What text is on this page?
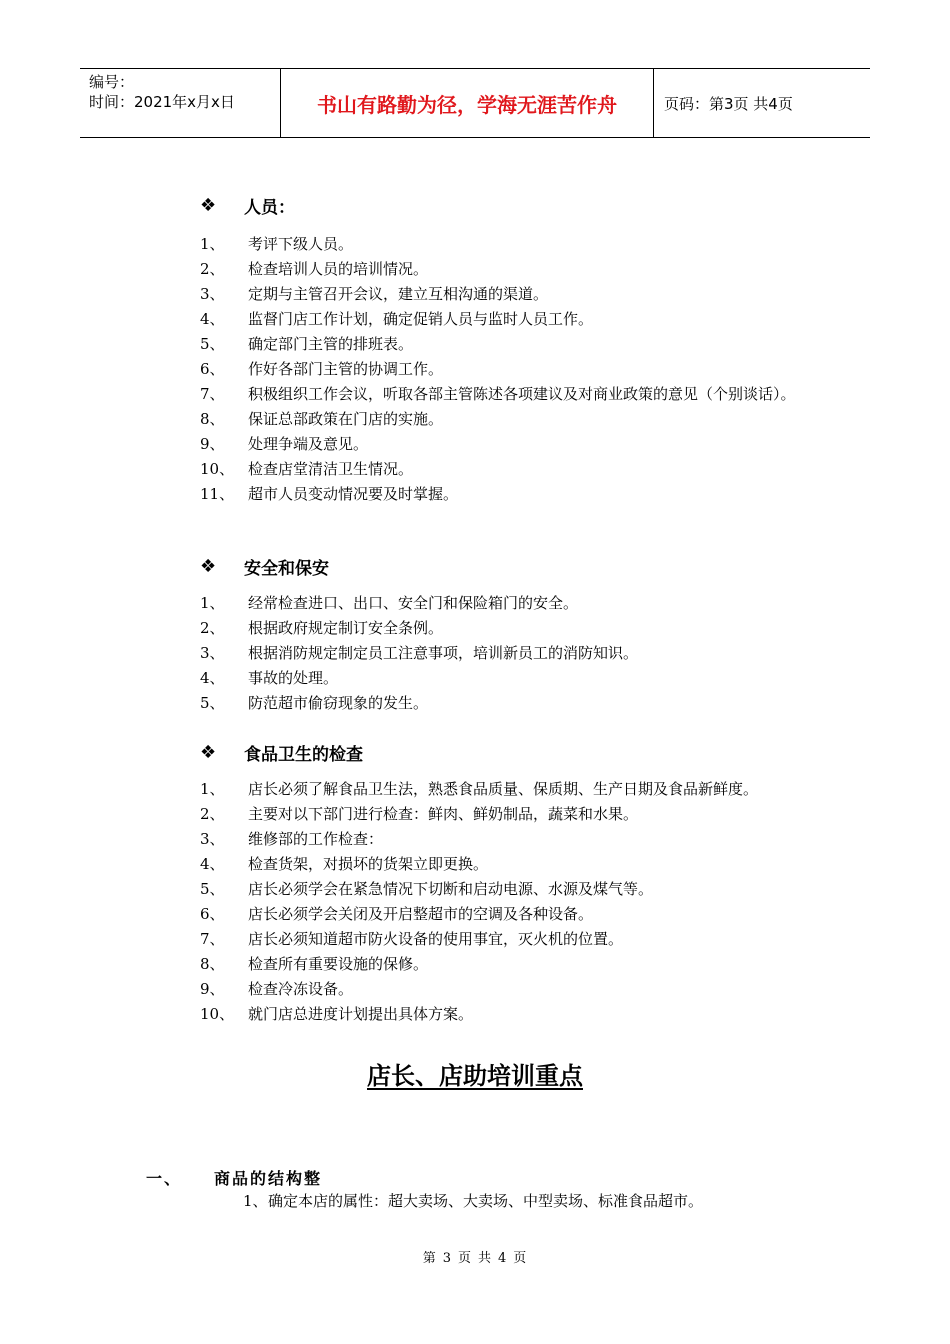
编号：
时间：2021年x月x日	书山有路勤为径，学海无涯苦作舟	页码：第3页 共4页
❖	人员：
1、	考评下级人员。
2、	检查培训人员的培训情况。
3、	定期与主管召开会议，建立互相沟通的渠道。
4、	监督门店工作计划，确定促销人员与监时人员工作。
5、	确定部门主管的排班表。
6、	作好各部门主管的协调工作。
7、	积极组织工作会议，听取各部主管陈述各项建议及对商业政策的意见（个别谈话）。
8、	保证总部政策在门店的实施。
9、	处理争端及意见。
10、 检查店堂清洁卫生情况。
11、 超市人员变动情况要及时掌握。
❖	安全和保安
1、	经常检查进口、出口、安全门和保险箱门的安全。
2、	根据政府规定制订安全条例。
3、	根据消防规定制定员工注意事项，培训新员工的消防知识。
4、	事故的处理。
5、	防范超市偷窃现象的发生。
❖	食品卫生的检查
1、	店长必须了解食品卫生法，熟悉食品质量、保质期、生产日期及食品新鲜度。
2、	主要对以下部门进行检查：鲜肉、鲜奶制品，蔬菜和水果。
3、	维修部的工作检查：
4、	检查货架，对损坏的货架立即更换。
5、	店长必须学会在紧急情况下切断和启动电源、水源及煤气等。
6、	店长必须学会关闭及开启整超市的空调及各种设备。
7、	店长必须知道超市防火设备的使用事宜，灭火机的位置。
8、	检查所有重要设施的保修。
9、	检查冷冻设备。
10、 就门店总进度计划提出具体方案。
店长、店助培训重点
一、	商品的结构整
1、 确定本店的属性：超大卖场、大卖场、中型卖场、标准食品超市。
第 3 页 共 4 页
